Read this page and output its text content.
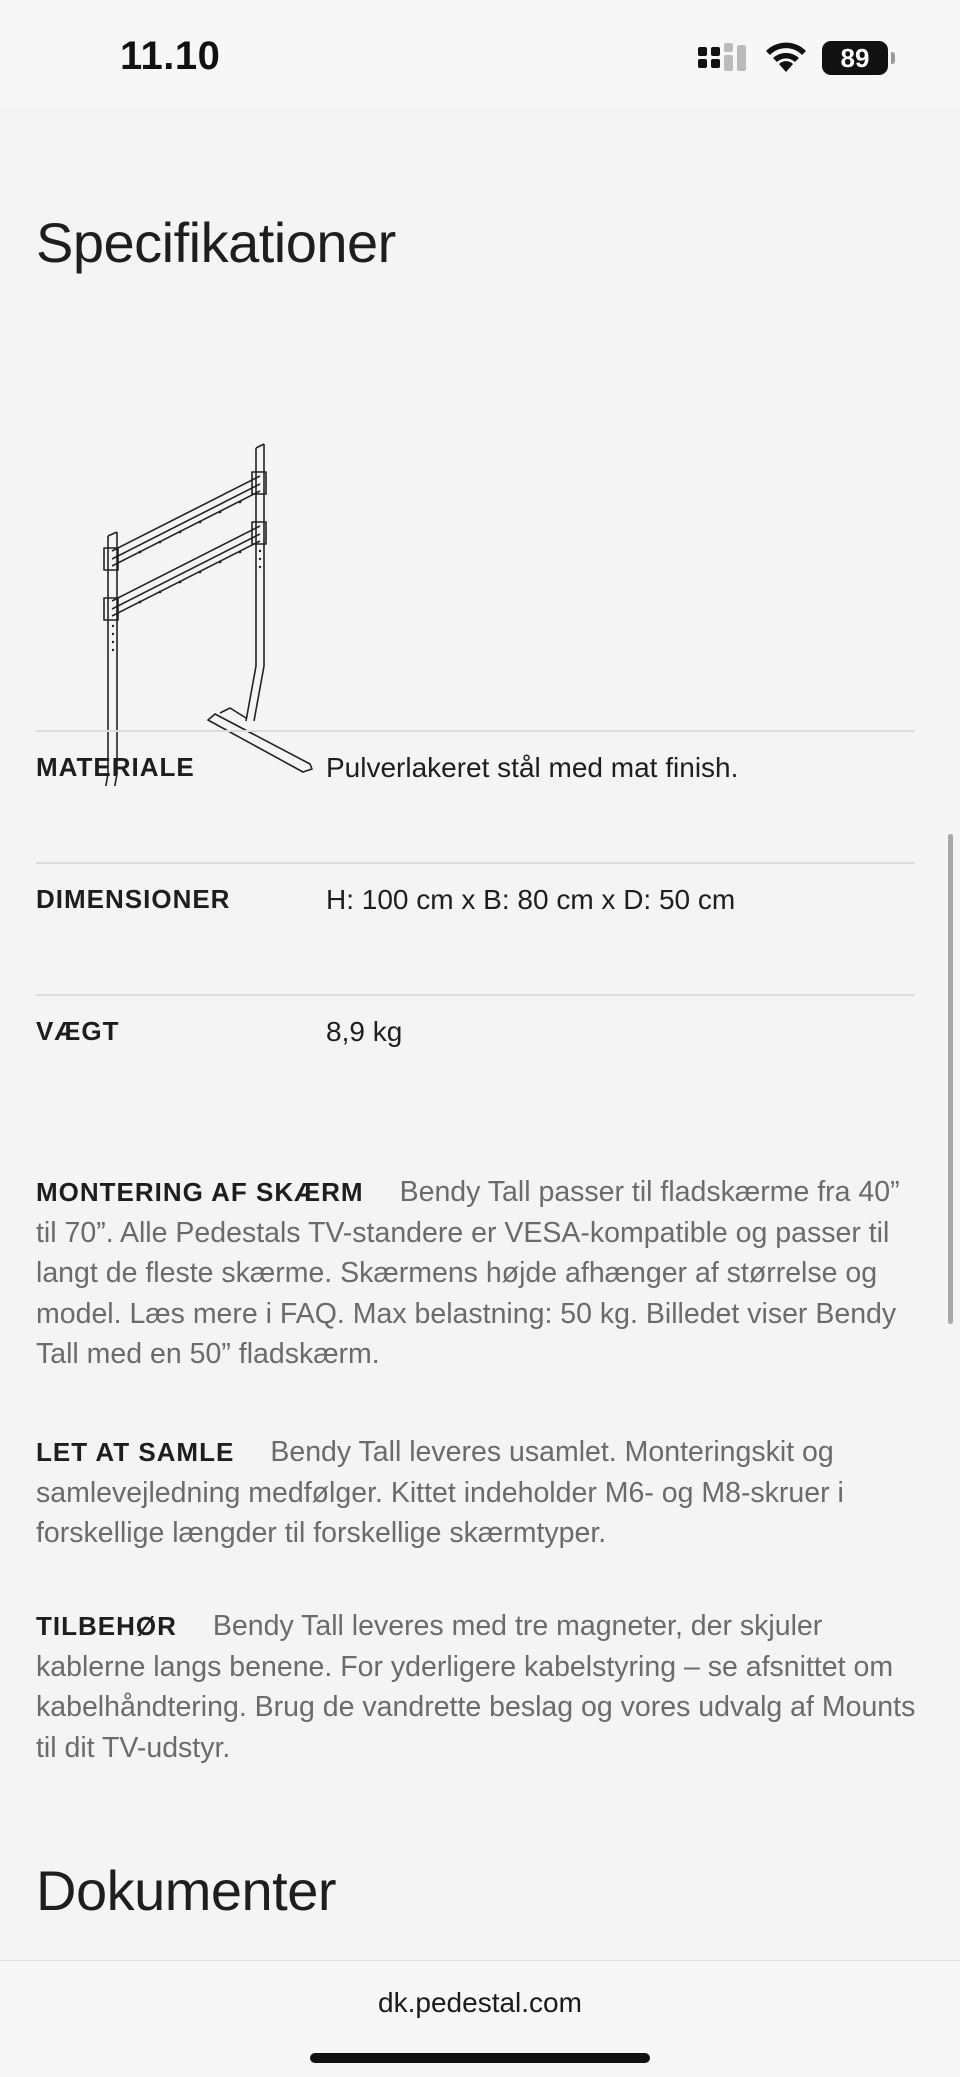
11.10	89
Specifikationer
MATERIALE	Pulverlakeret stål med mat finish.
DIMENSIONER	H: 100 cm x B: 80 cm x D: 50 cm
VÆGT	8,9 kg

MONTERING AF SKÆRM Bendy Tall passer til fladskærme fra 40” til 70”. Alle Pedestals TV-standere er VESA-kompatible og passer til langt de fleste skærme. Skærmens højde afhænger af størrelse og model. Læs mere i FAQ. Max belastning: 50 kg. Billedet viser Bendy Tall med en 50” fladskærm.

LET AT SAMLE Bendy Tall leveres usamlet. Monteringskit og samlevejledning medfølger. Kittet indeholder M6- og M8-skruer i forskellige længder til forskellige skærmtyper.

TILBEHØR Bendy Tall leveres med tre magneter, der skjuler kablerne langs benene. For yderligere kabelstyring – se afsnittet om kabelhåndtering. Brug de vandrette beslag og vores udvalg af Mounts til dit TV-udstyr.

Dokumenter
dk.pedestal.com
